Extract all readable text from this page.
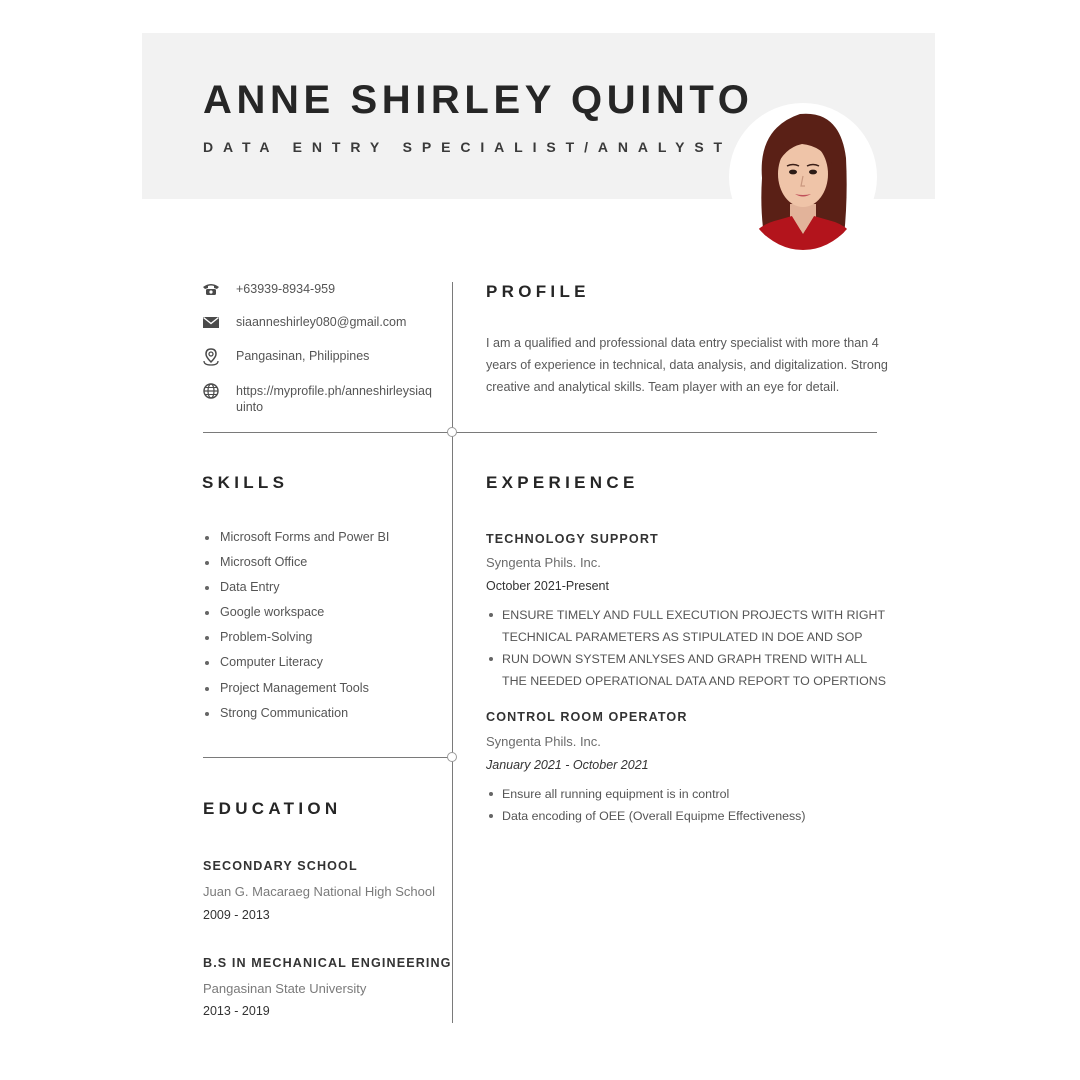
ANNE SHIRLEY QUINTO
DATA ENTRY SPECIALIST/ANALYST
+63939-8934-959
siaanneshirley080@gmail.com
Pangasinan, Philippines
https://myprofile.ph/anneshirleysiaquinto
PROFILE
I am a qualified and professional data entry specialist with more than 4 years of experience in technical, data analysis, and digitalization. Strong creative and analytical skills. Team player with an eye for detail.
SKILLS
Microsoft Forms and Power BI
Microsoft Office
Data Entry
Google workspace
Problem-Solving
Computer Literacy
Project Management Tools
Strong Communication
EXPERIENCE
TECHNOLOGY SUPPORT
Syngenta Phils. Inc.
October 2021-Present
ENSURE TIMELY AND FULL EXECUTION PROJECTS WITH RIGHT TECHNICAL PARAMETERS AS STIPULATED IN DOE AND SOP
RUN DOWN SYSTEM ANLYSES AND GRAPH TREND WITH ALL THE NEEDED OPERATIONAL DATA AND REPORT TO OPERTIONS
CONTROL ROOM OPERATOR
Syngenta Phils. Inc.
January 2021 - October 2021
Ensure all running equipment is in control
Data encoding of OEE (Overall Equipme Effectiveness)
EDUCATION
SECONDARY SCHOOL
Juan G. Macaraeg National High School
2009 - 2013
B.S IN MECHANICAL ENGINEERING
Pangasinan State University
2013 - 2019
